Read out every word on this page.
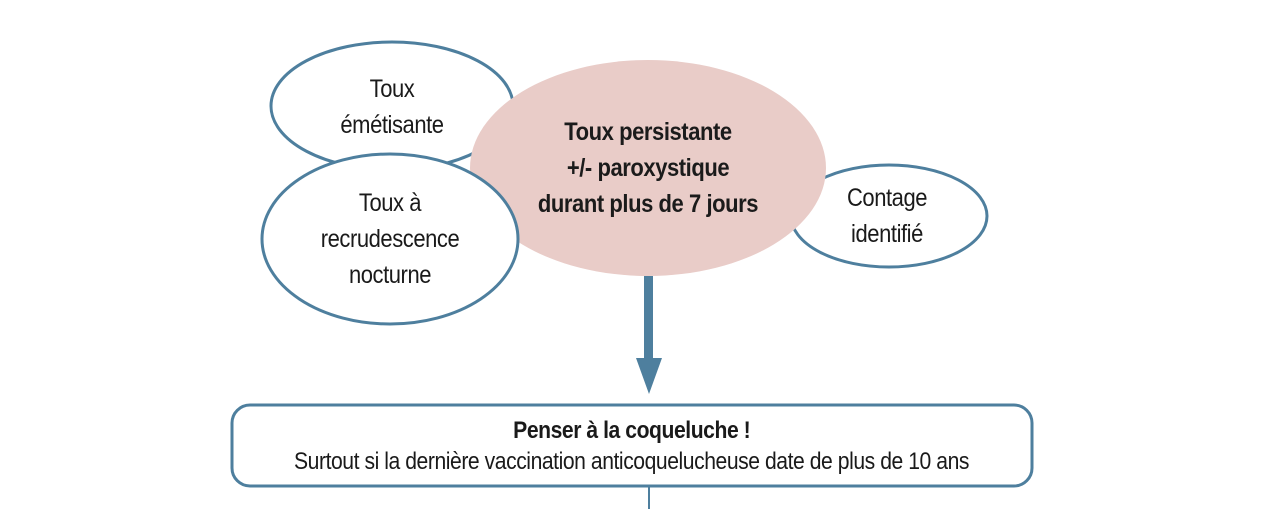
Toux
émétisante
Toux à
recrudescence
nocturne
Toux persistante
+/- paroxystique
durant plus de 7 jours	Contage
identifié
Penser à la coqueluche !
Surtout si la dernière vaccination anticoquelucheuse date de plus de 10 ans
